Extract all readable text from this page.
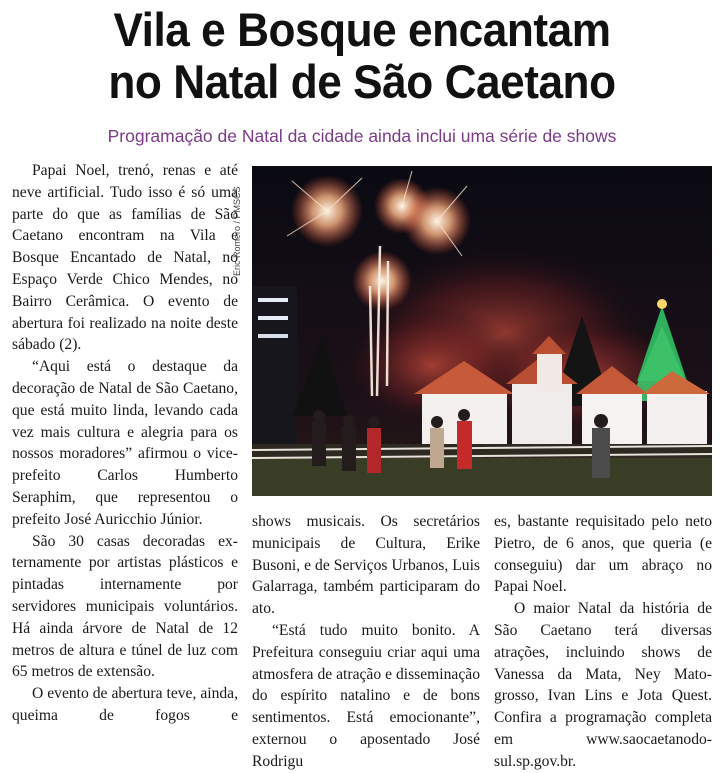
Vila e Bosque encantam
no Natal de São Caetano
Programação de Natal da cidade ainda inclui uma série de shows

Papai Noel, trenó, renas e até neve artificial. Tudo isso é só uma parte do que as famílias de São Caetano encontram na Vila e Bosque Encantado de Natal, no Espaço Verde Chico Mendes, no Bairro Cerâmica. O evento de abertura foi realizado na noite deste sábado (2).

“Aqui está o destaque da decoração de Natal de São Caetano, que está muito linda, levando cada vez mais cultura e alegria para os nossos moradores” afirmou o vice-prefeito Carlos Humberto Seraphim, que representou o prefeito José Auricchio Júnior.

São 30 casas decoradas externamente por artistas plásticos e pintadas internamente por servidores municipais voluntários. Há ainda árvore de Natal de 12 metros de altura e túnel de luz com 65 metros de extensão.

O evento de abertura teve, ainda, queima de fogos e

Eric Romero / PMSCS

shows musicais. Os secretários municipais de Cultura, Erike Busoni, e de Serviços Urbanos, Luis Galarraga, também participaram do ato.

“Está tudo muito bonito. A Prefeitura conseguiu criar aqui uma atmosfera de atração e disseminação do espírito natalino e de bons sentimentos. Está emocionante”, externou o aposentado José Rodrigu

es, bastante requisitado pelo neto Pietro, de 6 anos, que queria (e conseguiu) dar um abraço no Papai Noel.

O maior Natal da história de São Caetano terá diversas atrações, incluindo shows de Vanessa da Mata, Ney Matogrosso, Ivan Lins e Jota Quest. Confira a programação completa em www.saocaetanodosul.sp.gov.br.
